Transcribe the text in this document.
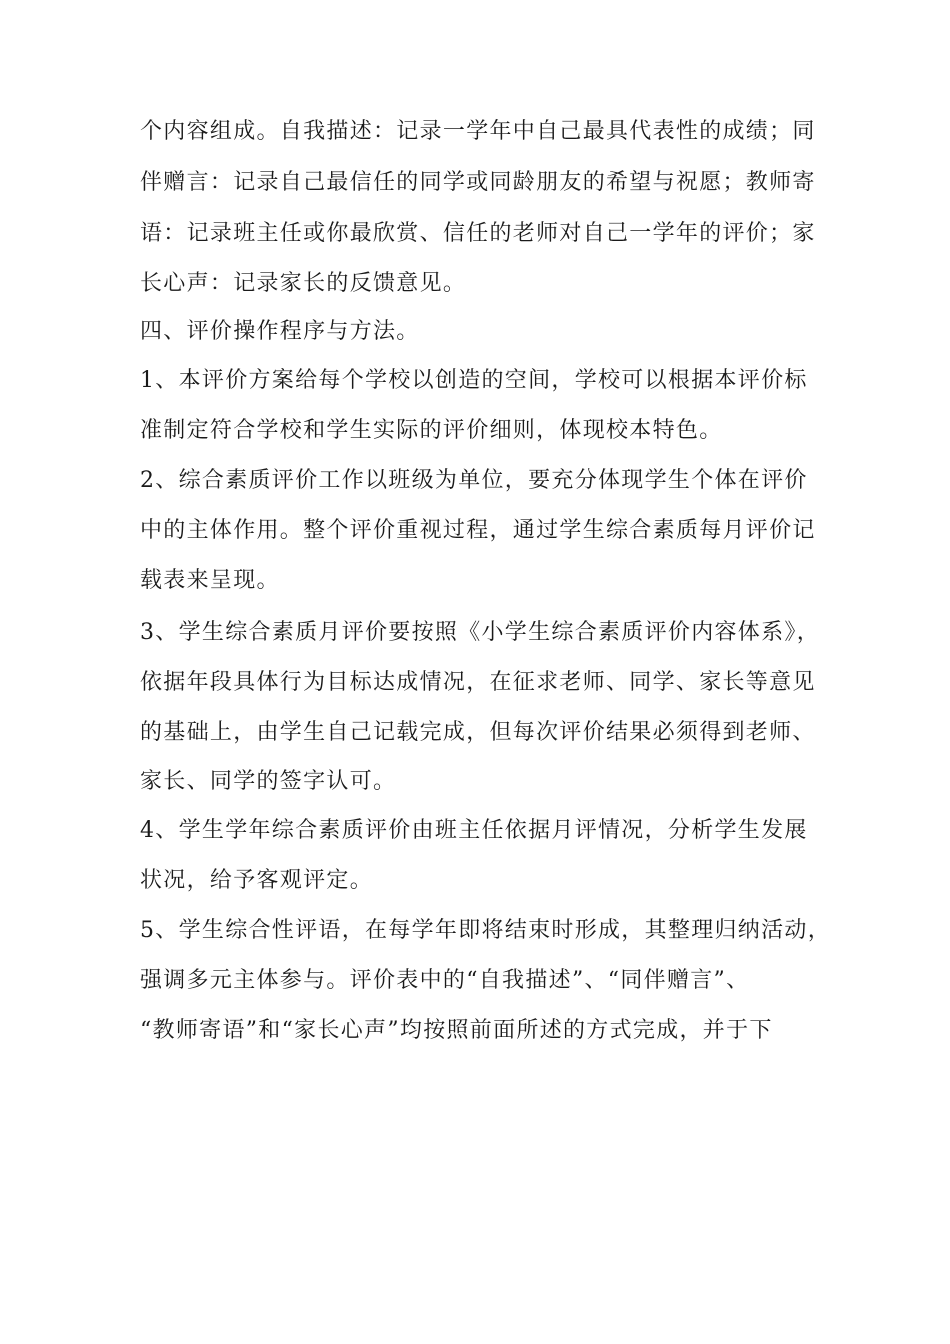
个内容组成。自我描述：记录一学年中自己最具代表性的成绩；同
伴赠言：记录自己最信任的同学或同龄朋友的希望与祝愿；教师寄
语：记录班主任或你最欣赏、信任的老师对自己一学年的评价；家
长心声：记录家长的反馈意见。
四、评价操作程序与方法。
1、本评价方案给每个学校以创造的空间，学校可以根据本评价标
准制定符合学校和学生实际的评价细则，体现校本特色。
2、综合素质评价工作以班级为单位，要充分体现学生个体在评价
中的主体作用。整个评价重视过程，通过学生综合素质每月评价记
载表来呈现。
3、学生综合素质月评价要按照《小学生综合素质评价内容体系》，
依据年段具体行为目标达成情况，在征求老师、同学、家长等意见
的基础上，由学生自己记载完成，但每次评价结果必须得到老师、
家长、同学的签字认可。
4、学生学年综合素质评价由班主任依据月评情况，分析学生发展
状况，给予客观评定。
5、学生综合性评语，在每学年即将结束时形成，其整理归纳活动，
强调多元主体参与。评价表中的“自我描述”、“同伴赠言”、
“教师寄语”和“家长心声”均按照前面所述的方式完成，并于下
